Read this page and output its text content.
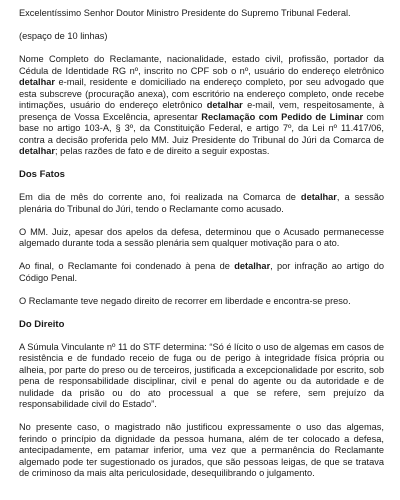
Excelentíssimo Senhor Doutor Ministro Presidente do Supremo Tribunal Federal.

(espaço de 10 linhas)

Nome Completo do Reclamante, nacionalidade, estado civil, profissão, portador da Cédula de Identidade RG nº, inscrito no CPF sob o nº, usuário do endereço eletrônico detalhar e-mail, residente e domiciliado na endereço completo, por seu advogado que esta subscreve (procuração anexa), com escritório na endereço completo, onde recebe intimações, usuário do endereço eletrônico detalhar e-mail, vem, respeitosamente, à presença de Vossa Excelência, apresentar Reclamação com Pedido de Liminar com base no artigo 103-A, § 3º, da Constituição Federal, e artigo 7º, da Lei nº 11.417/06, contra a decisão proferida pelo MM. Juiz Presidente do Tribunal do Júri da Comarca de detalhar; pelas razões de fato e de direito a seguir expostas.

Dos Fatos

Em dia de mês do corrente ano, foi realizada na Comarca de detalhar, a sessão plenária do Tribunal do Júri, tendo o Reclamante como acusado.

O MM. Juiz, apesar dos apelos da defesa, determinou que o Acusado permanecesse algemado durante toda a sessão plenária sem qualquer motivação para o ato.

Ao final, o Reclamante foi condenado à pena de detalhar, por infração ao artigo do Código Penal.

O Reclamante teve negado direito de recorrer em liberdade e encontra-se preso.

Do Direito

A Súmula Vinculante nº 11 do STF determina: “Só é lícito o uso de algemas em casos de resistência e de fundado receio de fuga ou de perigo à integridade física própria ou alheia, por parte do preso ou de terceiros, justificada a excepcionalidade por escrito, sob pena de responsabilidade disciplinar, civil e penal do agente ou da autoridade e de nulidade da prisão ou do ato processual a que se refere, sem prejuízo da responsabilidade civil do Estado”.

No presente caso, o magistrado não justificou expressamente o uso das algemas, ferindo o princípio da dignidade da pessoa humana, além de ter colocado a defesa, antecipadamente, em patamar inferior, uma vez que a permanência do Reclamante algemado pode ter sugestionado os jurados, que são pessoas leigas, de que se tratava de criminoso da mais alta periculosidade, desequilibrando o julgamento.
